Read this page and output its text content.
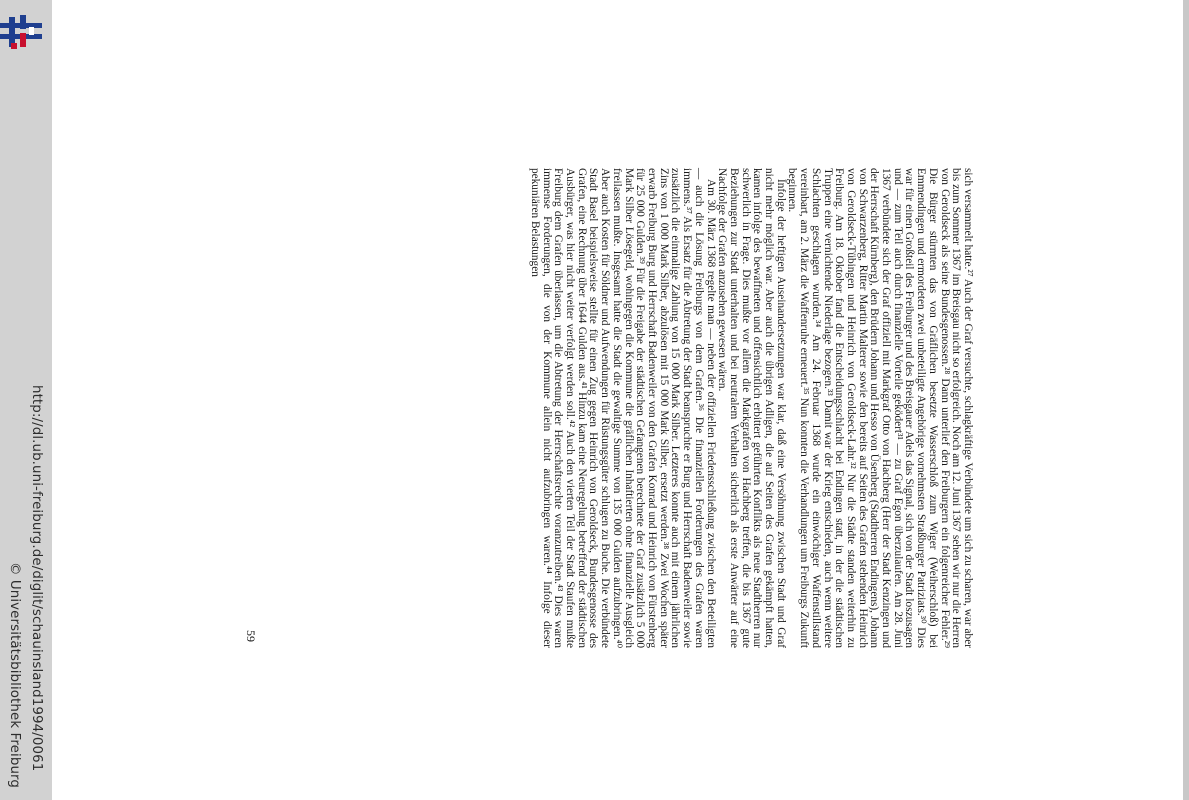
http://dl.ub.uni-freiburg.de/diglit/schauinsland1994/0061
© Universitätsbibliothek Freiburg

sich versammelt hatte.²⁷ Auch der Graf versuchte, schlagkräftige Verbündete um sich zu scharen, war aber bis zum Sommer 1367 im Breisgau nicht so erfolgreich. Noch am 12. Juni 1367 sehen wir nur die Herren von Geroldseck als seine Bundesgenossen.²⁸ Dann unterlief den Freiburgern ein folgenreicher Fehler.²⁹ Die Bürger stürmten das von Gräflichen besetzte Wasserschloß zum Wiger (Weiherschloß) bei Emmendingen und ermordeten zwei unbeteiligte Angehörige vornehmsten Straßburger Patriziats.³⁰ Dies war für einen Großteil des Freiburger und des Breisgauer Adels das Signal, sich von der Stadt loszusagen und — zum Teil auch durch finanzielle Vorteile geködert³¹ — zu Graf Egon überzulaufen. Am 28. Juni 1367 verbündete sich der Graf offiziell mit Markgraf Otto von Hachberg (Herr der Stadt Kenzingen und der Herrschaft Kürnberg), den Brüdern Johann und Hesso von Üsenberg (Stadtherren Endingens), Johann von Schwarzenberg, Ritter Martin Malterer sowie den bereits auf Seiten des Grafen stehenden Heinrich von Geroldseck-Tübingen und Heinrich von Geroldseck-Lahr.³² Nur die Städte standen weiterhin zu Freiburg. Am 18. Oktober fand die Entscheidungsschlacht bei Endingen statt, in der die städtischen Truppen eine vernichtende Niederlage bezogen.³³ Damit war der Krieg entschieden, auch wenn weitere Schlachten geschlagen wurden.³⁴ Am 24. Februar 1368 wurde ein einwöchiger Waffenstillstand vereinbart, am 2. März die Waffenruhe erneuert.³⁵ Nun konnten die Verhandlungen um Freiburgs Zukunft beginnen.

Infolge der heftigen Auseinandersetzungen war klar, daß eine Versöhnung zwischen Stadt und Graf nicht mehr möglich war. Aber auch die übrigen Adligen, die auf Seiten des Grafen gekämpft hatten, kamen infolge des bewaffneten und offensichtlich erbittert geführten Konflikts als neue Stadtherren nur schwerlich in Frage. Dies mußte vor allem die Markgrafen von Hachberg treffen, die bis 1367 gute Beziehungen zur Stadt unterhalten und bei neutralem Verhalten sicherlich als erste Anwärter auf eine Nachfolge der Grafen anzusehen gewesen wären.

Am 30. März 1368 regelte man — neben der offiziellen Friedensschließung zwischen den Beteiligten — auch die Lösung Freiburgs von dem Grafen.³⁶ Die finanziellen Forderungen des Grafen waren immens.³⁷ Als Ersatz für die Abtretung der Stadt beanspruchte er Burg und Herrschaft Badenweiler sowie zusätzlich die einmalige Zahlung von 15 000 Mark Silber. Letzteres konnte auch mit einem jährlichen Zins von 1 000 Mark Silber, abzulösen mit 15 000 Mark Silber, ersetzt werden.³⁸ Zwei Wochen später erwarb Freiburg Burg und Herrschaft Badenweiler von den Grafen Konrad und Heinrich von Fürstenberg für 25 000 Gulden.³⁹ Für die Freigabe der städtischen Gefangenen berechnete der Graf zusätzlich 5 000 Mark Silber Lösegeld, wohingegen die Kommune die gräflichen Inhaftierten ohne finanzielle Ausgleich freilassen mußte. Insgesamt hatte die Stadt die gewaltige Summe von 135 000 Gulden aufzubringen.⁴⁰ Aber auch Kosten für Söldner und Aufwendungen für Rüstungsgüter schlugen zu Buche. Die verbündete Stadt Basel beispielsweise stellte für einen Zug gegen Heinrich von Geroldseck, Bundesgenosse des Grafen, eine Rechnung über 1644 Gulden aus.⁴¹ Hinzu kam eine Neuregelung betreffend der städtischen Ausbürger, was hier nicht weiter verfolgt werden soll.⁴² Auch den vierten Teil der Stadt Staufen mußte Freiburg dem Grafen überlassen, um die Abtretung der Herrschaftsrechte voranzutreiben.⁴³ Dies waren immense Forderungen, die von der Kommune allein nicht aufzubringen waren.⁴⁴ Infolge dieser pekuniären Belastungen

59
